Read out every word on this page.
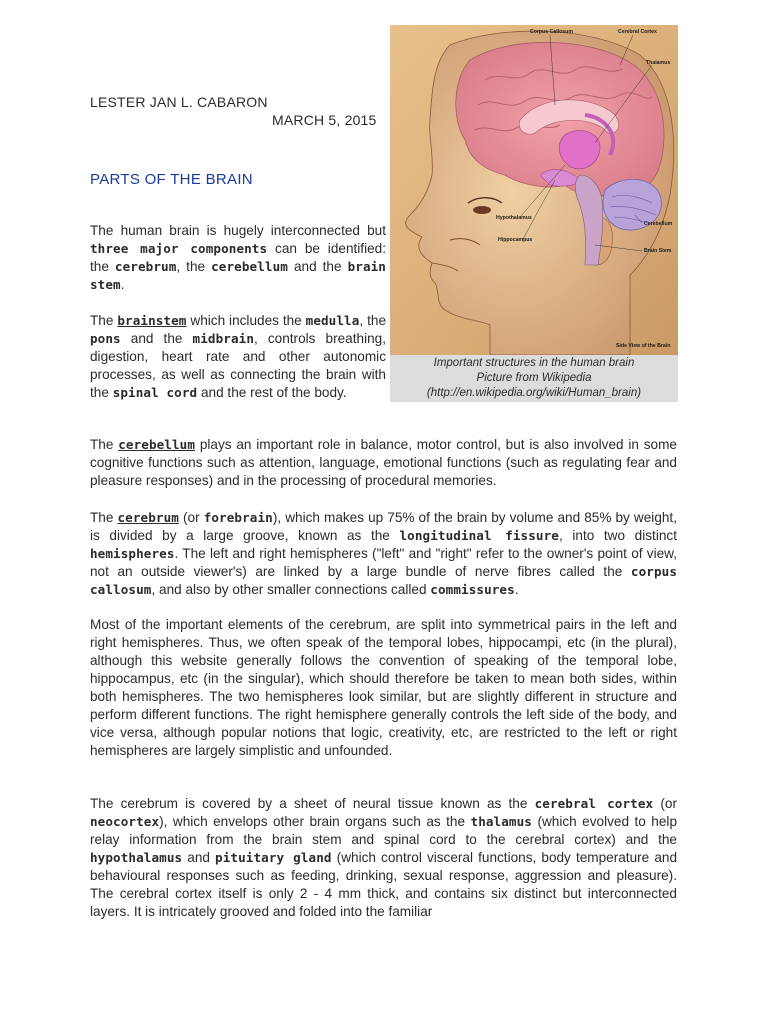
LESTER JAN L. CABARON
MARCH 5, 2015
PARTS OF THE BRAIN
Corpus Callosum	Cerebral Cortex
Thalamus
Hypothalamus
Hippocampus
Cerebellum
Brain Stem
Side View of the Brain
Important structures in the human brain
Picture from Wikipedia
(http://en.wikipedia.org/wiki/Human_brain)

The human brain is hugely interconnected but three major components can be identified: the cerebrum, the cerebellum and the brain stem.

The brainstem which includes the medulla, the pons and the midbrain, controls breathing, digestion, heart rate and other autonomic processes, as well as connecting the brain with the spinal cord and the rest of the body.

The cerebellum plays an important role in balance, motor control, but is also involved in some cognitive functions such as attention, language, emotional functions (such as regulating fear and pleasure responses) and in the processing of procedural memories.

The cerebrum (or forebrain), which makes up 75% of the brain by volume and 85% by weight, is divided by a large groove, known as the longitudinal fissure, into two distinct hemispheres. The left and right hemispheres ("left" and "right" refer to the owner's point of view, not an outside viewer's) are linked by a large bundle of nerve fibres called the corpus callosum, and also by other smaller connections called commissures.

Most of the important elements of the cerebrum, are split into symmetrical pairs in the left and right hemispheres. Thus, we often speak of the temporal lobes, hippocampi, etc (in the plural), although this website generally follows the convention of speaking of the temporal lobe, hippocampus, etc (in the singular), which should therefore be taken to mean both sides, within both hemispheres. The two hemispheres look similar, but are slightly different in structure and perform different functions. The right hemisphere generally controls the left side of the body, and vice versa, although popular notions that logic, creativity, etc, are restricted to the left or right hemispheres are largely simplistic and unfounded.

The cerebrum is covered by a sheet of neural tissue known as the cerebral cortex (or neocortex), which envelops other brain organs such as the thalamus (which evolved to help relay information from the brain stem and spinal cord to the cerebral cortex) and the hypothalamus and pituitary gland (which control visceral functions, body temperature and behavioural responses such as feeding, drinking, sexual response, aggression and pleasure). The cerebral cortex itself is only 2 - 4 mm thick, and contains six distinct but interconnected layers. It is intricately grooved and folded into the familiar
